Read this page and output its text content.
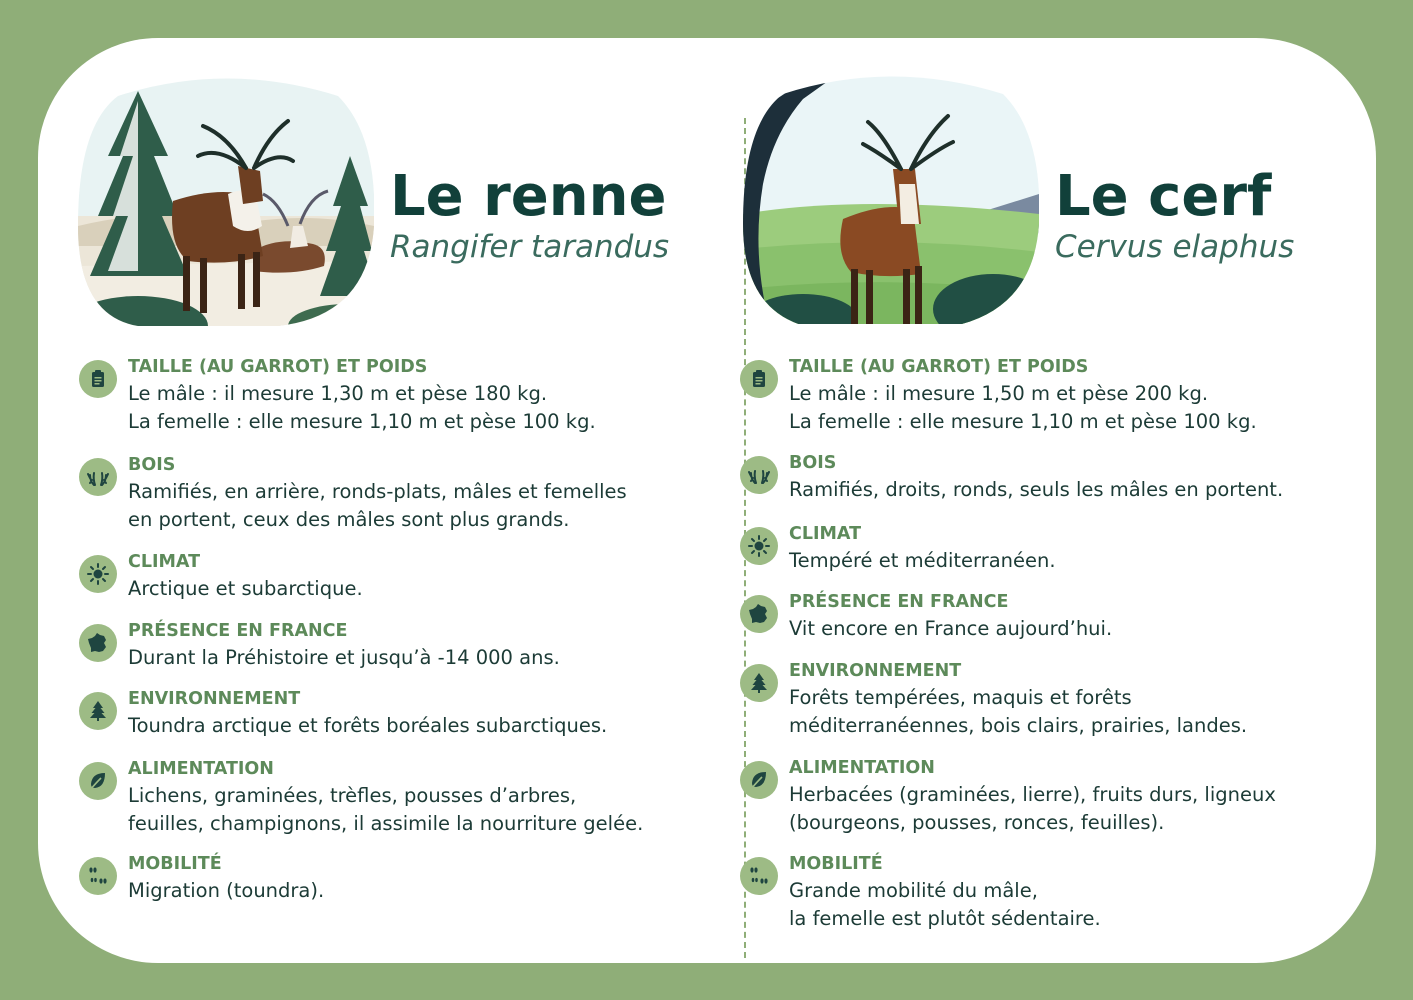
Le renne
Rangifer tarandus
TAILLE (AU GARROT) ET POIDS
Le mâle : il mesure 1,30 m et pèse 180 kg.
La femelle : elle mesure 1,10 m et pèse 100 kg.
BOIS
Ramifiés, en arrière, ronds-plats, mâles et femelles
en portent, ceux des mâles sont plus grands.
CLIMAT
Arctique et subarctique.
PRÉSENCE EN FRANCE
Durant la Préhistoire et jusqu’à -14 000 ans.
ENVIRONNEMENT
Toundra arctique et forêts boréales subarctiques.
ALIMENTATION
Lichens, graminées, trèfles, pousses d’arbres,
feuilles, champignons, il assimile la nourriture gelée.
MOBILITÉ
Migration (toundra).
Le cerf
Cervus elaphus
TAILLE (AU GARROT) ET POIDS
Le mâle : il mesure 1,50 m et pèse 200 kg.
La femelle : elle mesure 1,10 m et pèse 100 kg.
BOIS
Ramifiés, droits, ronds, seuls les mâles en portent.
CLIMAT
Tempéré et méditerranéen.
PRÉSENCE EN FRANCE
Vit encore en France aujourd’hui.
ENVIRONNEMENT
Forêts tempérées, maquis et forêts
méditerranéennes, bois clairs, prairies, landes.
ALIMENTATION
Herbacées (graminées, lierre), fruits durs, ligneux
(bourgeons, pousses, ronces, feuilles).
MOBILITÉ
Grande mobilité du mâle,
la femelle est plutôt sédentaire.
